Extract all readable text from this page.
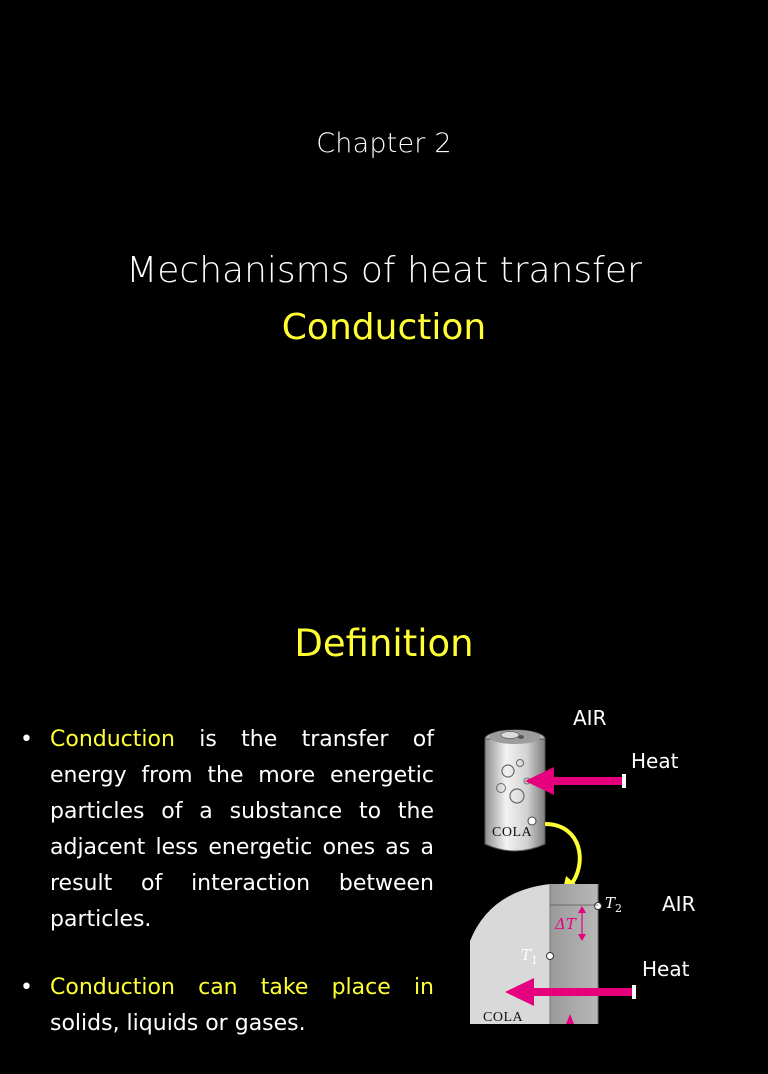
Chapter 2
Mechanisms of heat transfer
Conduction
Definition
• Conduction is the transfer of energy from the more energetic particles of a substance to the adjacent less energetic ones as a result of interaction between particles.
• Conduction can take place in solids, liquids or gases.
AIR
Heat
COLA
AIR
Heat
COLA
$T_2$
$T_1$
ΔT
